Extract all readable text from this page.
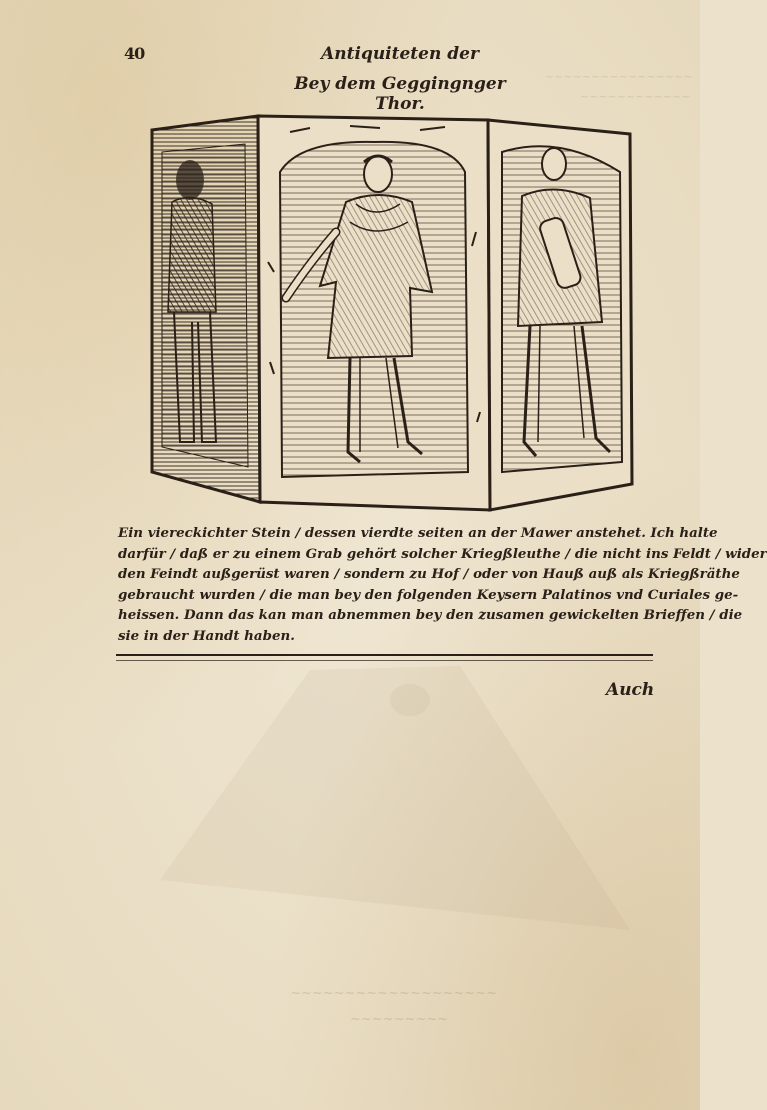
40	Antiquiteten der
Bey dem Geggingnger Thor.
~~~~~~~~~~~~~~~~
~~~~~~~~~~~~
Ein viereckichter Stein / dessen vierdte seiten an der Mawer anstehet. Ich halte
darfür / daß er zu einem Grab gehört solcher Kriegßleuthe / die nicht ins Feldt / wider
den Feindt außgerüst waren / sondern zu Hof / oder von Hauß auß als Kriegßräthe
gebraucht wurden / die man bey den folgenden Keysern Palatinos vnd Curiales ge-
heissen. Dann das kan man abnemmen bey den zusamen gewickelten Brieffen / die
sie in der Handt haben.
Auch
~~~~~~~~~~~~~~~~~~~
~~~~~~~~~
